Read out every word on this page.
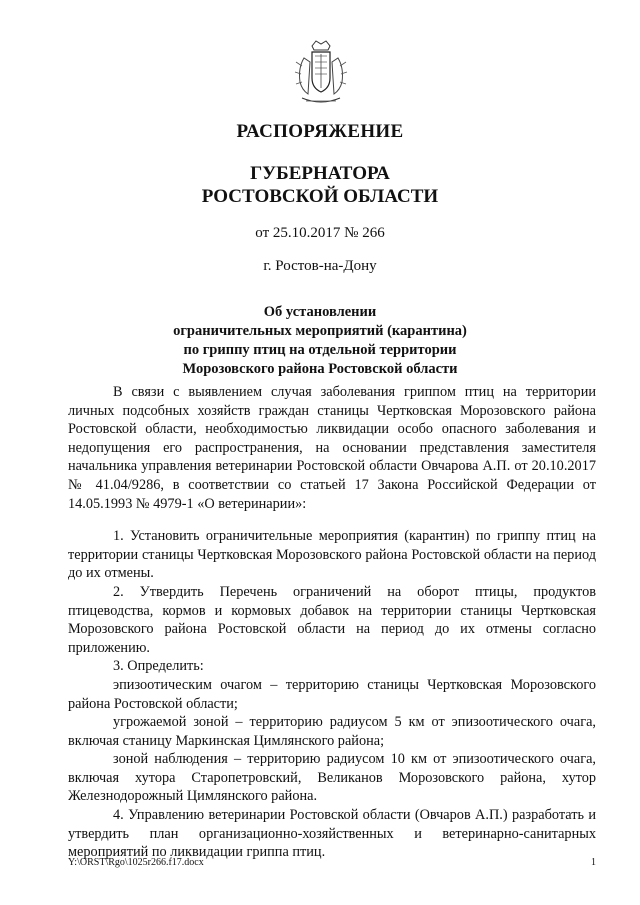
РАСПОРЯЖЕНИЕ
ГУБЕРНАТОРА
РОСТОВСКОЙ ОБЛАСТИ
от 25.10.2017 № 266
г. Ростов-на-Дону
Об установлении
ограничительных мероприятий (карантина)
по гриппу птиц на отдельной территории
Морозовского района Ростовской области

В связи с выявлением случая заболевания гриппом птиц на территории личных подсобных хозяйств граждан станицы Чертковская Морозовского района Ростовской области, необходимостью ликвидации особо опасного заболевания и недопущения его распространения, на основании представления заместителя начальника управления ветеринарии Ростовской области Овчарова А.П. от 20.10.2017 № 41.04/9286, в соответствии со статьей 17 Закона Российской Федерации от 14.05.1993 № 4979-1 «О ветеринарии»:

1. Установить ограничительные мероприятия (карантин) по гриппу птиц на территории станицы Чертковская Морозовского района Ростовской области на период до их отмены.

2. Утвердить Перечень ограничений на оборот птицы, продуктов птицеводства, кормов и кормовых добавок на территории станицы Чертковская Морозовского района Ростовской области на период до их отмены согласно приложению.

3. Определить:

эпизоотическим очагом – территорию станицы Чертковская Морозовского района Ростовской области;

угрожаемой зоной – территорию радиусом 5 км от эпизоотического очага, включая станицу Маркинская Цимлянского района;

зоной наблюдения – территорию радиусом 10 км от эпизоотического очага, включая хутора Старопетровский, Великанов Морозовского района, хутор Железнодорожный Цимлянского района.

4. Управлению ветеринарии Ростовской области (Овчаров А.П.) разработать и утвердить план организационно-хозяйственных и ветеринарно-санитарных мероприятий по ликвидации гриппа птиц.

Y:\ORST\Rgo\1025r266.f17.docx	1
